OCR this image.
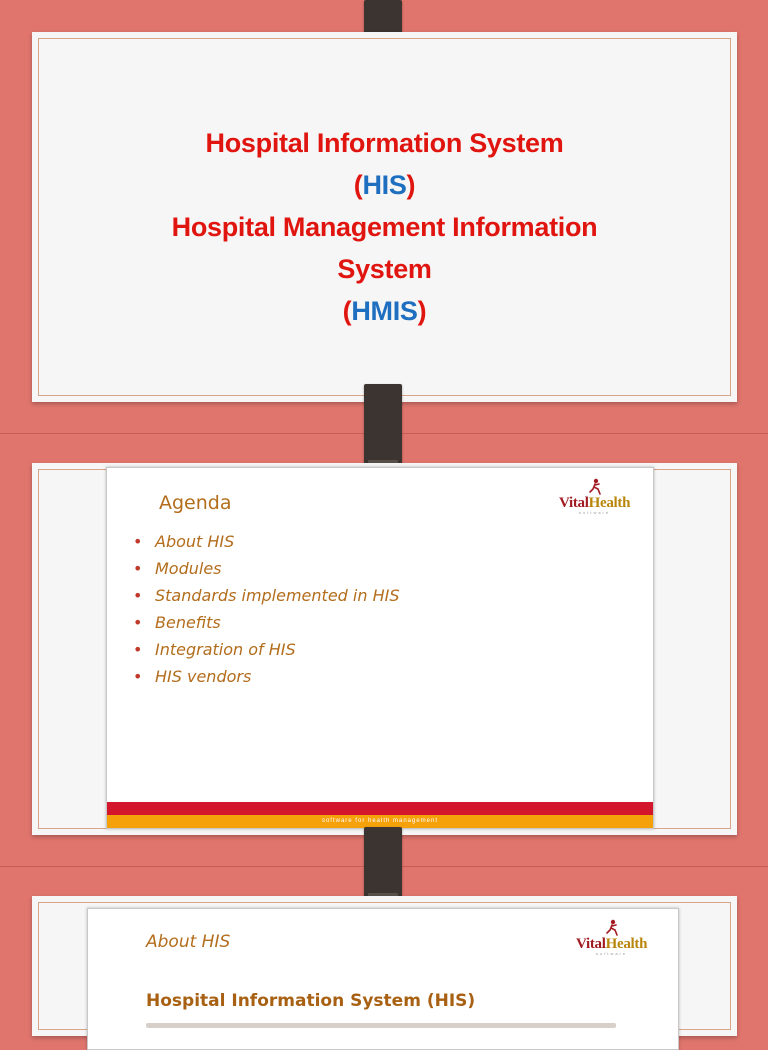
Hospital Information System
(HIS)
Hospital Management Information
System
(HMIS)
Agenda	VitalHealth
software
• About HIS
• Modules
• Standards implemented in HIS
• Benefits
• Integration of HIS
• HIS vendors
software for health management
About HIS	VitalHealth
software
Hospital Information System (HIS)
